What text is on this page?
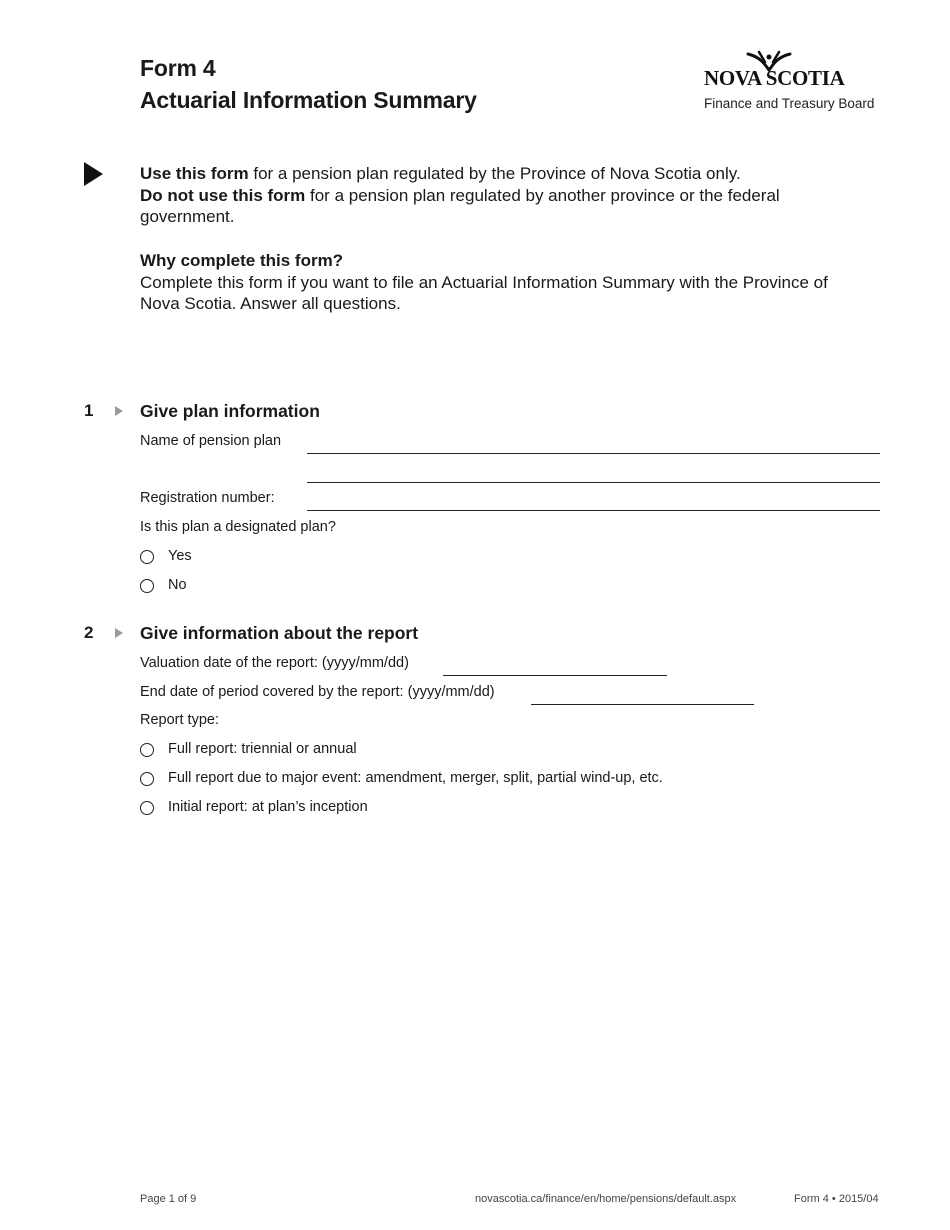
Form 4
Actuarial Information Summary
NOVA SCOTIA
Finance and Treasury Board
Use this form for a pension plan regulated by the Province of Nova Scotia only.
Do not use this form for a pension plan regulated by another province or the federal government.
Why complete this form?
Complete this form if you want to file an Actuarial Information Summary with the Province of Nova Scotia. Answer all questions.
1	Give plan information
Name of pension plan
Registration number:
Is this plan a designated plan?
Yes
No
2	Give information about the report
Valuation date of the report: (yyyy/mm/dd)
End date of period covered by the report: (yyyy/mm/dd)
Report type:
Full report: triennial or annual
Full report due to major event: amendment, merger, split, partial wind-up, etc.
Initial report: at plan’s inception
Page 1 of 9	novascotia.ca/finance/en/home/pensions/default.aspx	Form 4 • 2015/04
